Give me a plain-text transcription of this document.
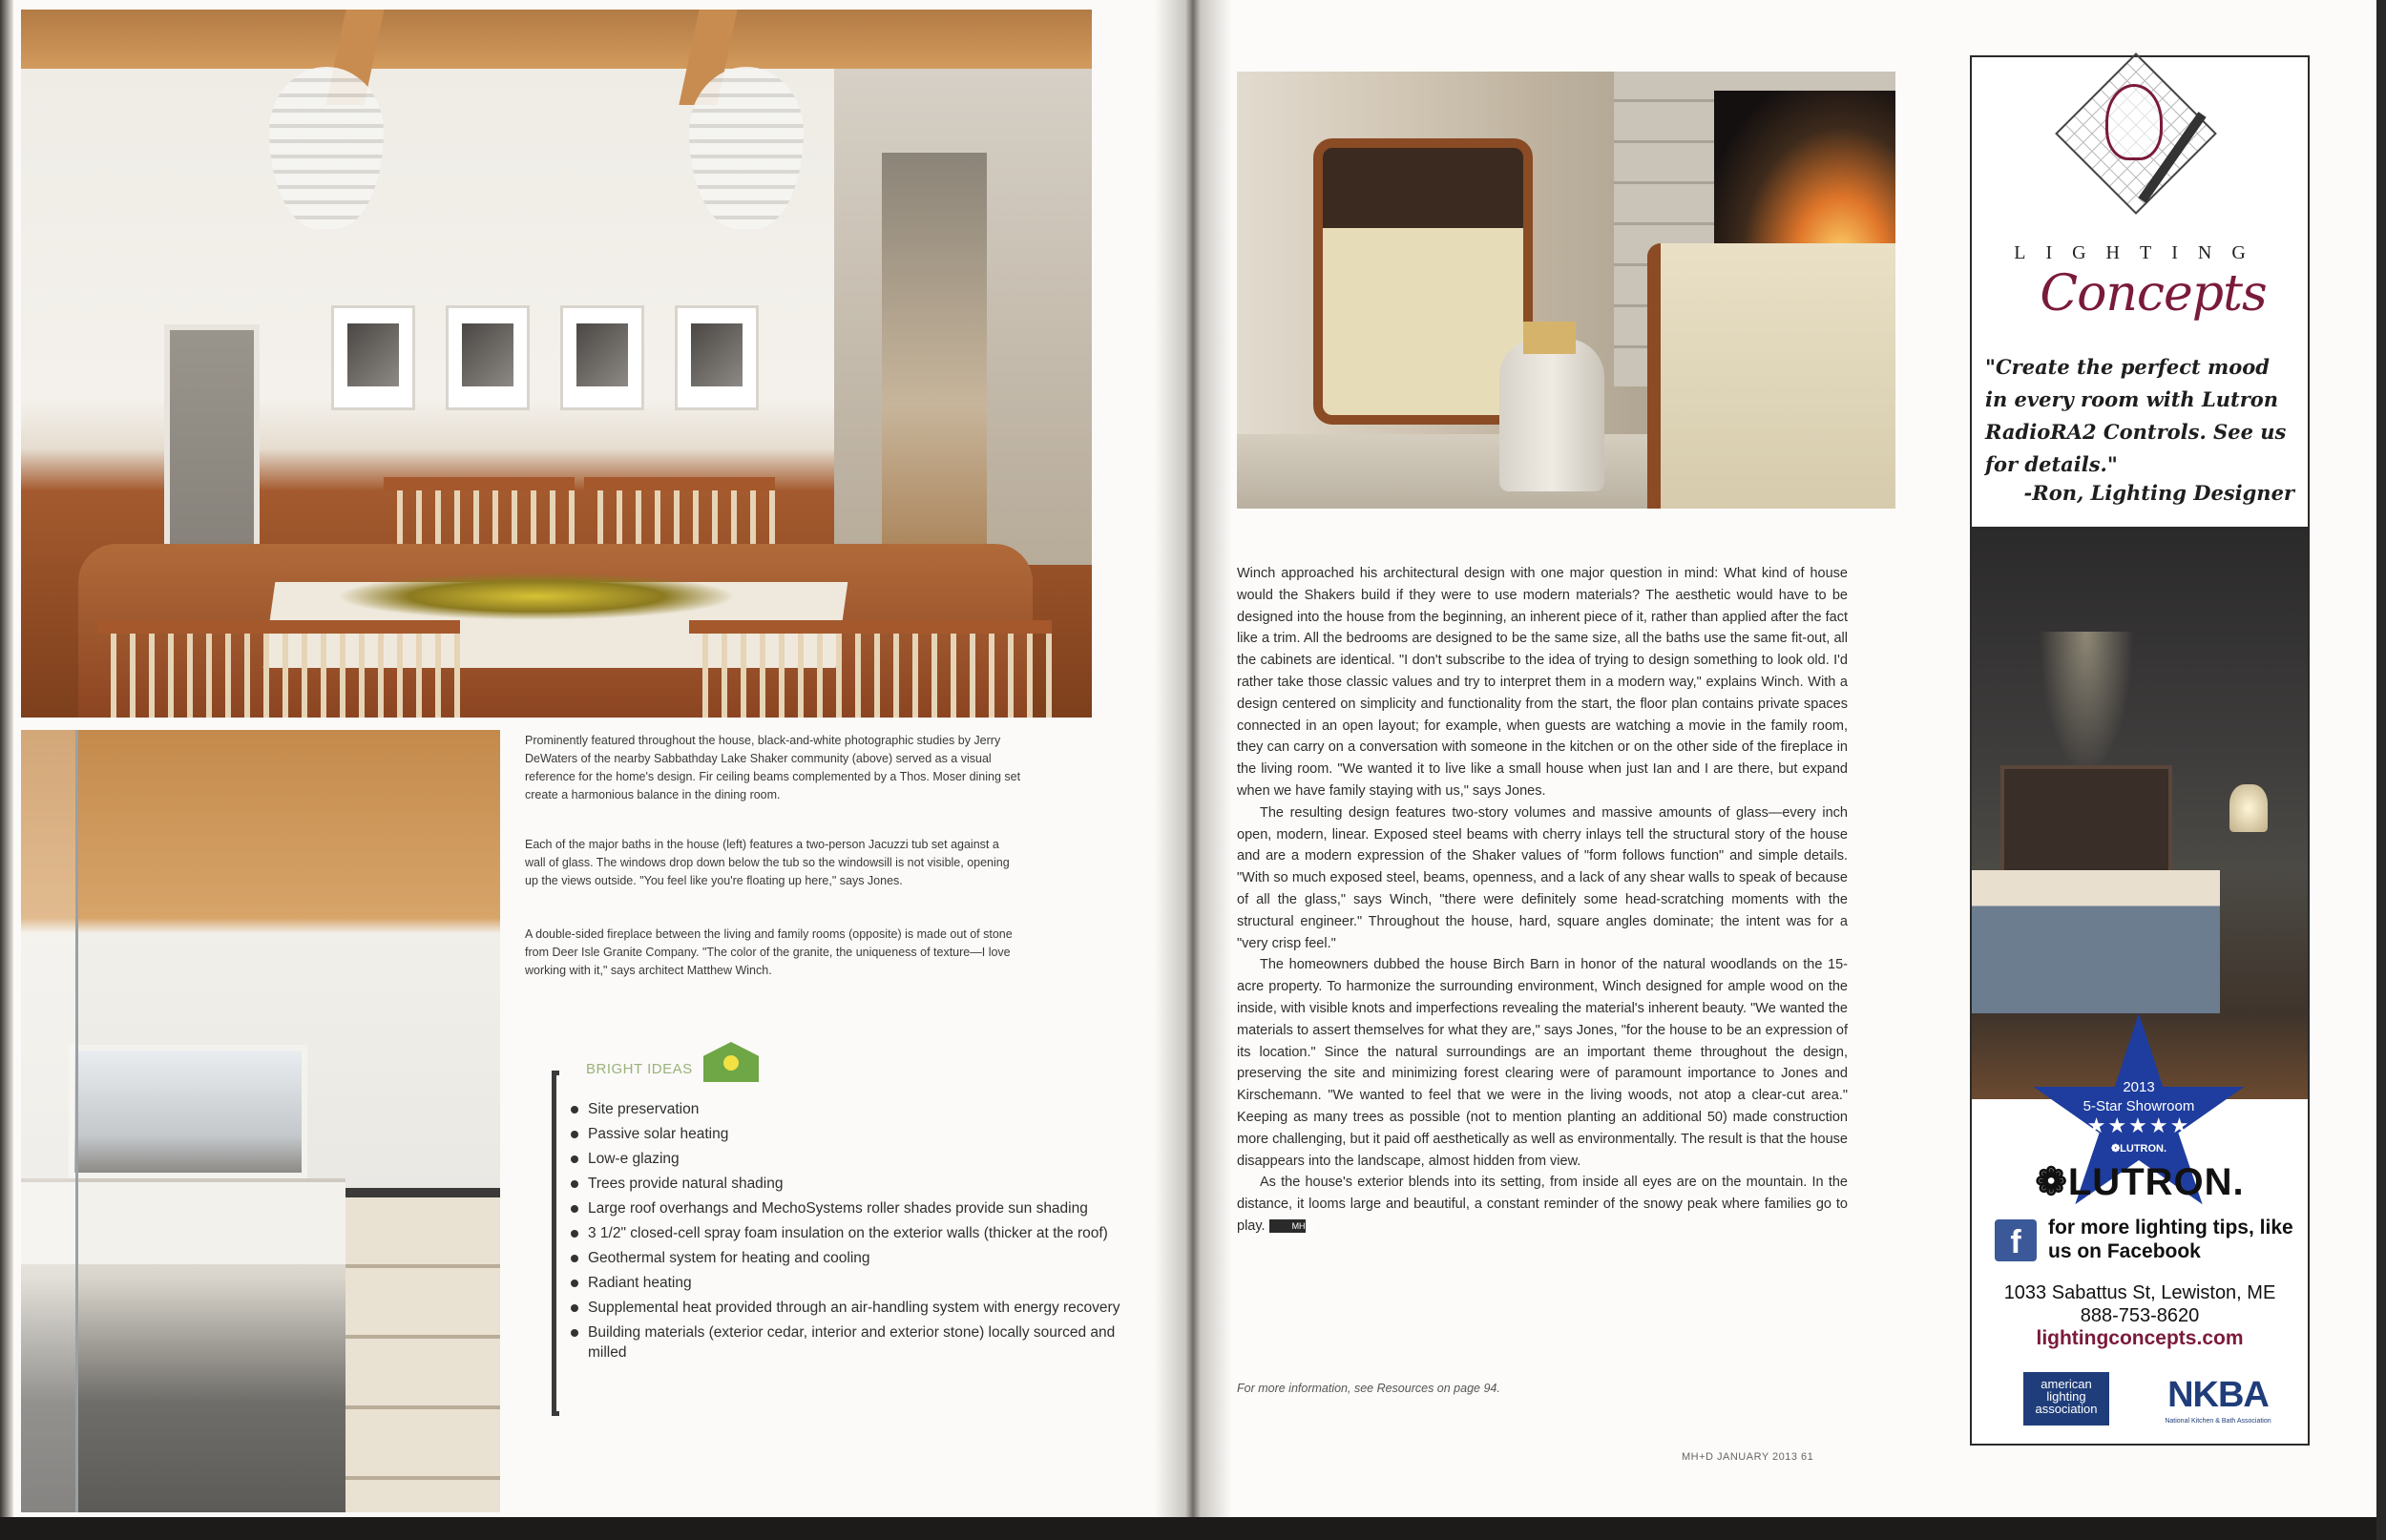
Prominently featured throughout the house, black-and-white photographic studies by Jerry DeWaters of the nearby Sabbathday Lake Shaker community (above) served as a visual reference for the home's design. Fir ceiling beams complemented by a Thos. Moser dining set create a harmonious balance in the dining room.

Each of the major baths in the house (left) features a two-person Jacuzzi tub set against a wall of glass. The windows drop down below the tub so the windowsill is not visible, opening up the views outside. "You feel like you're floating up here," says Jones.

A double-sided fireplace between the living and family rooms (opposite) is made out of stone from Deer Isle Granite Company. "The color of the granite, the uniqueness of texture—I love working with it," says architect Matthew Winch.

BRIGHT IDEAS
Site preservation
Passive solar heating
Low-e glazing
Trees provide natural shading
Large roof overhangs and MechoSystems roller shades provide sun shading
3 1/2" closed-cell spray foam insulation on the exterior walls (thicker at the roof)
Geothermal system for heating and cooling
Radiant heating
Supplemental heat provided through an air-handling system with energy recovery
Building materials (exterior cedar, interior and exterior stone) locally sourced and milled

Winch approached his architectural design with one major question in mind: What kind of house would the Shakers build if they were to use modern materials? The aesthetic would have to be designed into the house from the beginning, an inherent piece of it, rather than applied after the fact like a trim. All the bedrooms are designed to be the same size, all the baths use the same fit-out, all the cabinets are identical. "I don't subscribe to the idea of trying to design something to look old. I'd rather take those classic values and try to interpret them in a modern way," explains Winch. With a design centered on simplicity and functionality from the start, the floor plan contains private spaces connected in an open layout; for example, when guests are watching a movie in the family room, they can carry on a conversation with someone in the kitchen or on the other side of the fireplace in the living room. "We wanted it to live like a small house when just Ian and I are there, but expand when we have family staying with us," says Jones.

The resulting design features two-story volumes and massive amounts of glass—every inch open, modern, linear. Exposed steel beams with cherry inlays tell the structural story of the house and are a modern expression of the Shaker values of "form follows function" and simple details. "With so much exposed steel, beams, openness, and a lack of any shear walls to speak of because of all the glass," says Winch, "there were definitely some head-scratching moments with the structural engineer." Throughout the house, hard, square angles dominate; the intent was for a "very crisp feel."

The homeowners dubbed the house Birch Barn in honor of the natural woodlands on the 15-acre property. To harmonize the surrounding environment, Winch designed for ample wood on the inside, with visible knots and imperfections revealing the material's inherent beauty. "We wanted the materials to assert themselves for what they are," says Jones, "for the house to be an expression of its location." Since the natural surroundings are an important theme throughout the design, preserving the site and minimizing forest clearing were of paramount importance to Jones and Kirschemann. "We wanted to feel that we were in the living woods, not atop a clear-cut area." Keeping as many trees as possible (not to mention planting an additional 50) made construction more challenging, but it paid off aesthetically as well as environmentally. The result is that the house disappears into the landscape, almost hidden from view.

As the house's exterior blends into its setting, from inside all eyes are on the mountain. In the distance, it looms large and beautiful, a constant reminder of the snowy peak where families go to play.	MH+D

For more information, see Resources on page 94.
MH+D JANUARY 2013 61
LIGHTING
Concepts
"Create the perfect mood in every room with Lutron RadioRA2 Controls. See us for details."
-Ron, Lighting Designer
2013
5-Star Showroom
★★★★★
❁LUTRON.
❁LUTRON.
f	for more lighting tips, like us on Facebook
1033 Sabattus St, Lewiston, ME
888-753-8620
lightingconcepts.com
american lighting association	NKBA
National Kitchen & Bath Association
